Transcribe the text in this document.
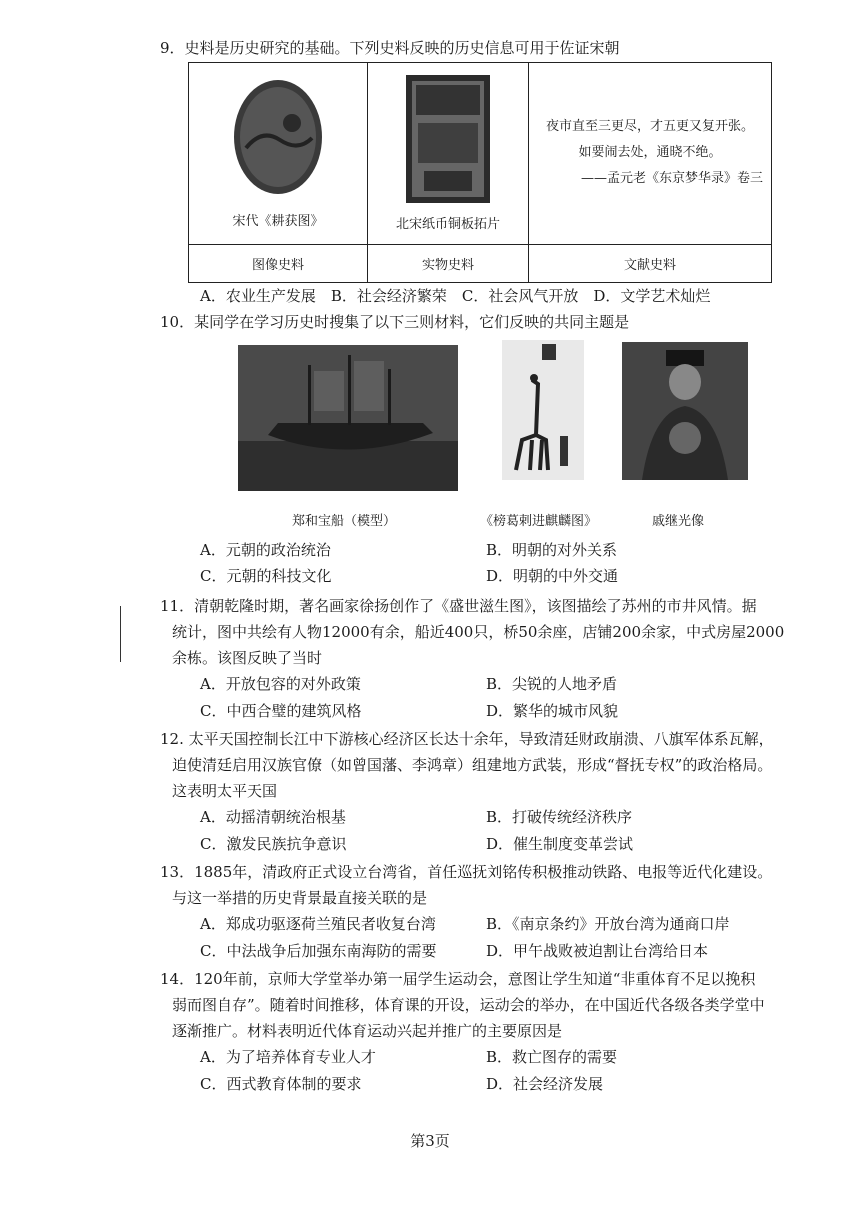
9．史料是历史研究的基础。下列史料反映的历史信息可用于佐证宋朝
宋代《耕获图》	北宋纸币铜板拓片	夜市直至三更尽，才五更又复开张。
如要闹去处，通晓不绝。
——孟元老《东京梦华录》卷三

图像史料	实物史料	文献史料
A．农业生产发展　B．社会经济繁荣　C．社会风气开放　D．文学艺术灿烂
10．某同学在学习历史时搜集了以下三则材料，它们反映的共同主题是
郑和宝船（模型）	《榜葛剌进麒麟图》	戚继光像
A．元朝的政治统治	B．明朝的对外关系
C．元朝的科技文化	D．明朝的中外交通
11．清朝乾隆时期，著名画家徐扬创作了《盛世滋生图》，该图描绘了苏州的市井风情。据
统计，图中共绘有人物12000有余，船近400只，桥50余座，店铺200余家，中式房屋2000
余栋。该图反映了当时
A．开放包容的对外政策	B．尖锐的人地矛盾
C．中西合璧的建筑风格	D．繁华的城市风貌
12. 太平天国控制长江中下游核心经济区长达十余年，导致清廷财政崩溃、八旗军体系瓦解，
迫使清廷启用汉族官僚（如曾国藩、李鸿章）组建地方武装，形成“督抚专权”的政治格局。
这表明太平天国
A．动摇清朝统治根基	B．打破传统经济秩序
C．激发民族抗争意识	D．催生制度变革尝试
13．1885年，清政府正式设立台湾省，首任巡抚刘铭传积极推动铁路、电报等近代化建设。
与这一举措的历史背景最直接关联的是
A．郑成功驱逐荷兰殖民者收复台湾	B．《南京条约》开放台湾为通商口岸
C．中法战争后加强东南海防的需要	D．甲午战败被迫割让台湾给日本
14．120年前，京师大学堂举办第一届学生运动会，意图让学生知道“非重体育不足以挽积
弱而图自存”。随着时间推移，体育课的开设，运动会的举办，在中国近代各级各类学堂中
逐渐推广。材料表明近代体育运动兴起并推广的主要原因是
A．为了培养体育专业人才	B．救亡图存的需要
C．西式教育体制的要求	D．社会经济发展
第3页
